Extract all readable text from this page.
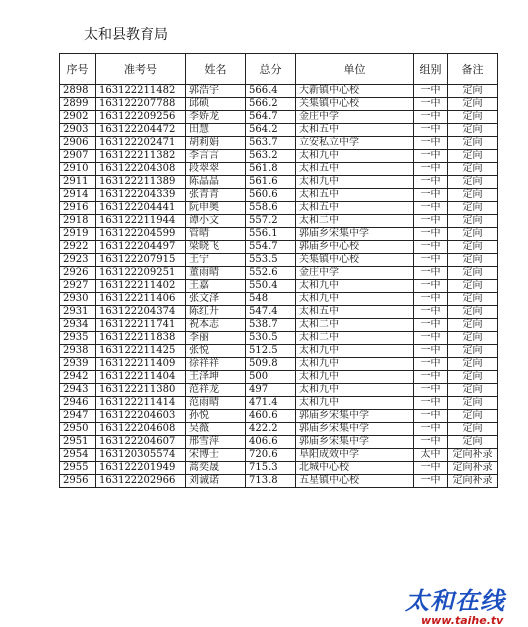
太和县教育局
序号	准考号	姓名	总分	单位	组别	备注
2898	163122211482	郭浩宇	566.4	大新镇中心校	一中	定向
2899	163122207788	邱硕	566.2	关集镇中心校	一中	定向
2902	163122209256	李娇龙	564.7	金庄中学	一中	定向
2903	163122204472	田慧	564.2	太和五中	一中	定向
2906	163122202471	胡莉娟	563.7	立安私立中学	一中	定向
2907	163122211382	李言言	563.2	太和九中	一中	定向
2910	163122204308	段翠翠	561.8	太和五中	一中	定向
2911	163122211389	陈晶晶	561.6	太和九中	一中	定向
2914	163122204339	张青青	560.6	太和五中	一中	定向
2916	163122204441	阮申奥	558.6	太和五中	一中	定向
2918	163122211944	谭小文	557.2	太和二中	一中	定向
2919	163122204599	管晴	556.1	郭庙乡宋集中学	一中	定向
2922	163122204497	梁晓飞	554.7	郭庙乡中心校	一中	定向
2923	163122207915	王宁	553.5	关集镇中心校	一中	定向
2926	163122209251	董雨晴	552.6	金庄中学	一中	定向
2927	163122211402	王嘉	550.4	太和九中	一中	定向
2930	163122211406	张文泽	548	太和九中	一中	定向
2931	163122204374	陈红升	547.4	太和五中	一中	定向
2934	163122211741	祝本志	538.7	太和二中	一中	定向
2935	163122211838	李丽	530.5	太和二中	一中	定向
2938	163122211425	张悦	512.5	太和九中	一中	定向
2939	163122211409	徐祥祥	509.8	太和九中	一中	定向
2942	163122211404	王泽坤	500	太和九中	一中	定向
2943	163122211380	范祥龙	497	太和九中	一中	定向
2946	163122211414	范雨晴	471.4	太和九中	一中	定向
2947	163122204603	孙悦	460.6	郭庙乡宋集中学	一中	定向
2950	163122204608	吴薇	422.2	郭庙乡宋集中学	一中	定向
2951	163122204607	邢雪萍	406.6	郭庙乡宋集中学	一中	定向
2954	163120305574	宋博士	720.6	阜阳成效中学	太中	定向补录
2955	163122201949	蒿奕晟	715.3	北城中心校	一中	定向补录
2956	163122202966	刘诚诺	713.8	五星镇中心校	一中	定向补录
太和在线
www.taihe.tv
